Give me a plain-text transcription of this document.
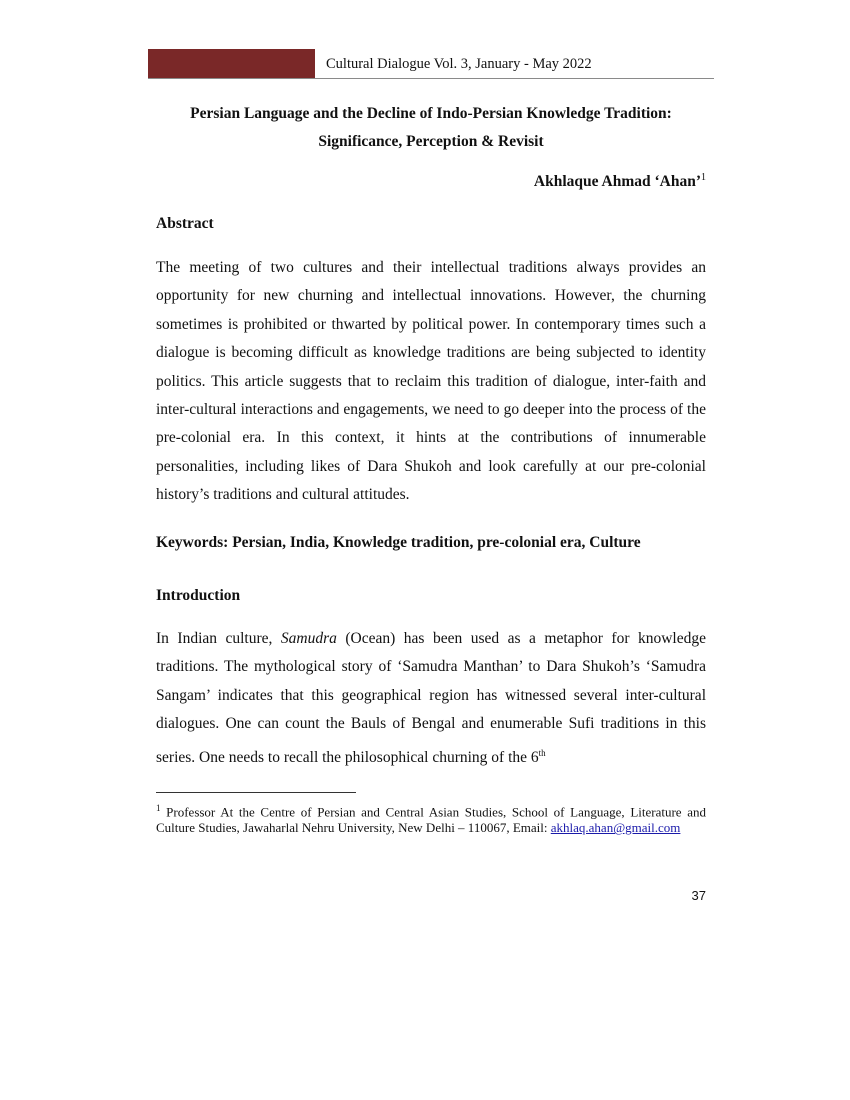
Cultural Dialogue Vol. 3, January - May 2022
Persian Language and the Decline of Indo-Persian Knowledge Tradition:
Significance, Perception & Revisit
Akhlaque Ahmad ‘Ahan’$^1$
Abstract

The meeting of two cultures and their intellectual traditions always provides an opportunity for new churning and intellectual innovations. However, the churning sometimes is prohibited or thwarted by political power. In contemporary times such a dialogue is becoming difficult as knowledge traditions are being subjected to identity politics. This article suggests that to reclaim this tradition of dialogue, inter-faith and inter-cultural interactions and engagements, we need to go deeper into the process of the pre-colonial era. In this context, it hints at the contributions of innumerable personalities, including likes of Dara Shukoh and look carefully at our pre-colonial history’s traditions and cultural attitudes.

Keywords: Persian, India, Knowledge tradition, pre-colonial era, Culture
Introduction

In Indian culture, Samudra (Ocean) has been used as a metaphor for knowledge traditions. The mythological story of ‘Samudra Manthan’ to Dara Shukoh’s ‘Samudra Sangam’ indicates that this geographical region has witnessed several inter-cultural dialogues. One can count the Bauls of Bengal and enumerable Sufi traditions in this series. One needs to recall the philosophical churning of the 6th

$^1$ Professor At the Centre of Persian and Central Asian Studies, School of Language, Literature and Culture Studies, Jawaharlal Nehru University, New Delhi – 110067, Email: akhlaq.ahan@gmail.com

37
